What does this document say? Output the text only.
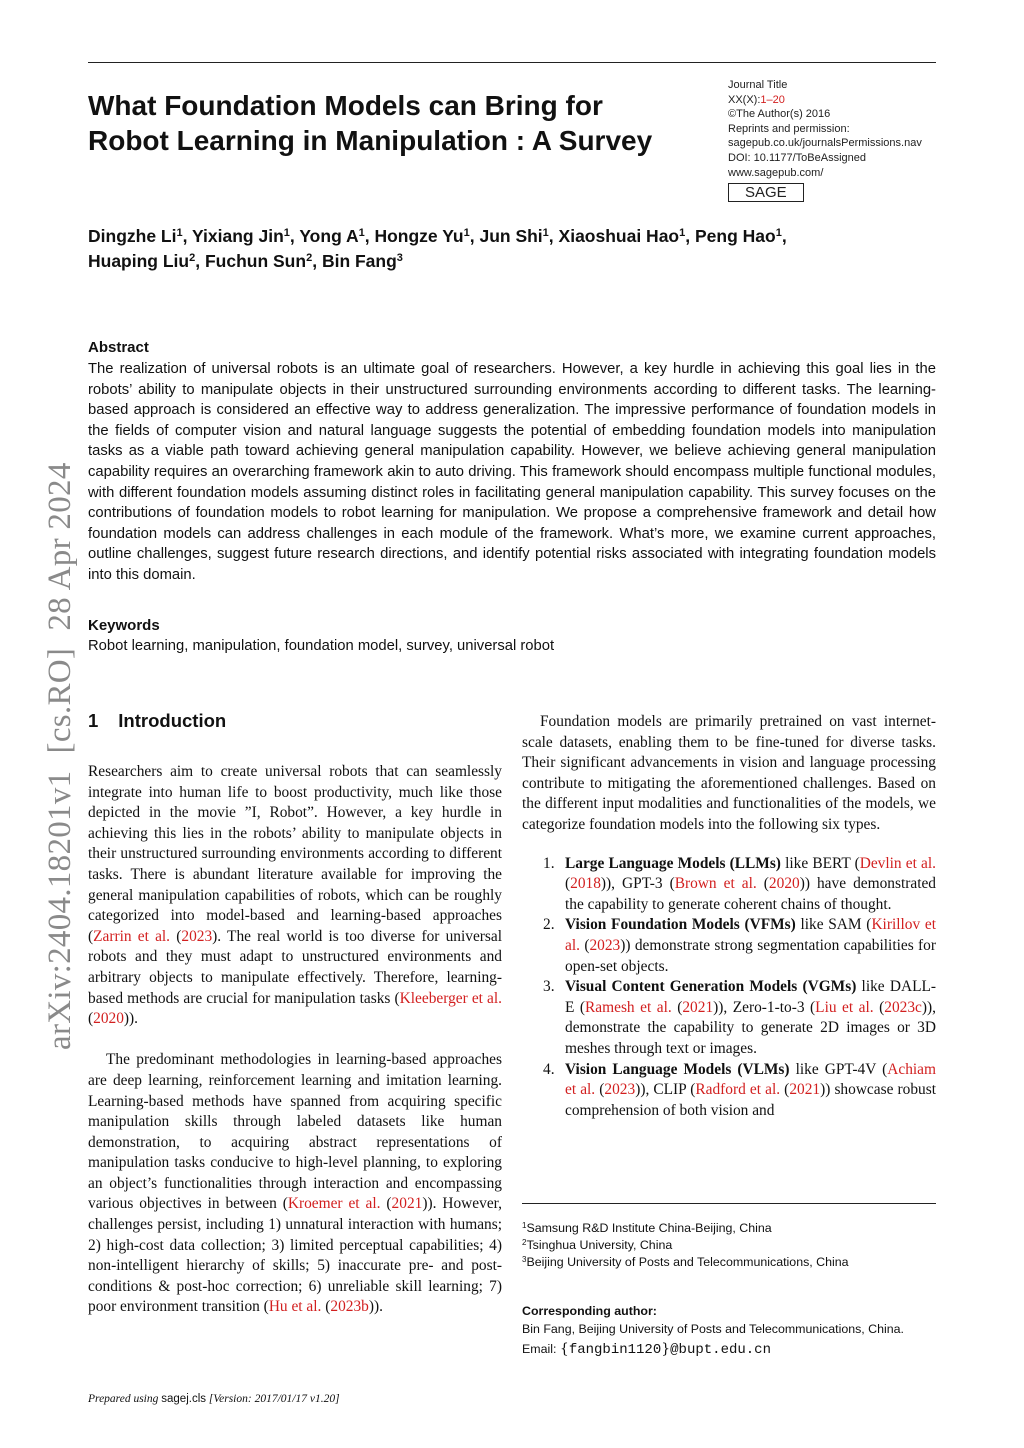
What Foundation Models can Bring for Robot Learning in Manipulation : A Survey
Journal Title
XX(X):1–20
©The Author(s) 2016
Reprints and permission:
sagepub.co.uk/journalsPermissions.nav
DOI: 10.1177/ToBeAssigned
www.sagepub.com/
SAGE
Dingzhe Li$^1$, Yixiang Jin$^1$, Yong $A^1$, Hongze Yu$^1$, Jun Shi$^1$, Xiaoshuai Hao$^1$, Peng Hao$^1$,
Huaping Liu$^2$, Fuchun Sun$^2$, Bin Fang$^3$
Abstract
The realization of universal robots is an ultimate goal of researchers. However, a key hurdle in achieving this goal lies in the robots’ ability to manipulate objects in their unstructured surrounding environments according to different tasks. The learning-based approach is considered an effective way to address generalization. The impressive performance of foundation models in the fields of computer vision and natural language suggests the potential of embedding foundation models into manipulation tasks as a viable path toward achieving general manipulation capability. However, we believe achieving general manipulation capability requires an overarching framework akin to auto driving. This framework should encompass multiple functional modules, with different foundation models assuming distinct roles in facilitating general manipulation capability. This survey focuses on the contributions of foundation models to robot learning for manipulation. We propose a comprehensive framework and detail how foundation models can address challenges in each module of the framework. What’s more, we examine current approaches, outline challenges, suggest future research directions, and identify potential risks associated with integrating foundation models into this domain.
Keywords
Robot learning, manipulation, foundation model, survey, universal robot
arXiv:2404.18201v1  [cs.RO]  28 Apr 2024 1 Introduction

Researchers aim to create universal robots that can seamlessly integrate into human life to boost productivity, much like those depicted in the movie ”I, Robot”. However, a key hurdle in achieving this lies in the robots’ ability to manipulate objects in their unstructured surrounding environments according to different tasks. There is abundant literature available for improving the general manipulation capabilities of robots, which can be roughly categorized into model-based and learning-based approaches (Zarrin et al. (2023). The real world is too diverse for universal robots and they must adapt to unstructured environments and arbitrary objects to manipulate effectively. Therefore, learning-based methods are crucial for manipulation tasks (Kleeberger et al. (2020)).

The predominant methodologies in learning-based approaches are deep learning, reinforcement learning and imitation learning. Learning-based methods have spanned from acquiring specific manipulation skills through labeled datasets like human demonstration, to acquiring abstract representations of manipulation tasks conducive to high-level planning, to exploring an object’s functionalities through interaction and encompassing various objectives in between (Kroemer et al. (2021)). However, challenges persist, including 1) unnatural interaction with humans; 2) high-cost data collection; 3) limited perceptual capabilities; 4) non-intelligent hierarchy of skills; 5) inaccurate pre- and post-conditions & post-hoc correction; 6) unreliable skill learning; 7) poor environment transition (Hu et al. (2023b)).

Foundation models are primarily pretrained on vast internet-scale datasets, enabling them to be fine-tuned for diverse tasks. Their significant advancements in vision and language processing contribute to mitigating the aforementioned challenges. Based on the different input modalities and functionalities of the models, we categorize foundation models into the following six types.

1. Large Language Models (LLMs) like BERT (Devlin et al. (2018)), GPT-3 (Brown et al. (2020)) have demonstrated the capability to generate coherent chains of thought.
2. Vision Foundation Models (VFMs) like SAM (Kirillov et al. (2023)) demonstrate strong segmentation capabilities for open-set objects.
3. Visual Content Generation Models (VGMs) like DALL-E (Ramesh et al. (2021)), Zero-1-to-3 (Liu et al. (2023c)), demonstrate the capability to generate 2D images or 3D meshes through text or images.
4. Vision Language Models (VLMs) like GPT-4V (Achiam et al. (2023)), CLIP (Radford et al. (2021)) showcase robust comprehension of both vision and
$^1$Samsung R&D Institute China-Beijing, China
$^2$Tsinghua University, China
$^3$Beijing University of Posts and Telecommunications, China
Corresponding author:
Bin Fang, Beijing University of Posts and Telecommunications, China.
Email: {fangbin1120}@bupt.edu.cn
Prepared using sagej.cls [Version: 2017/01/17 v1.20]
